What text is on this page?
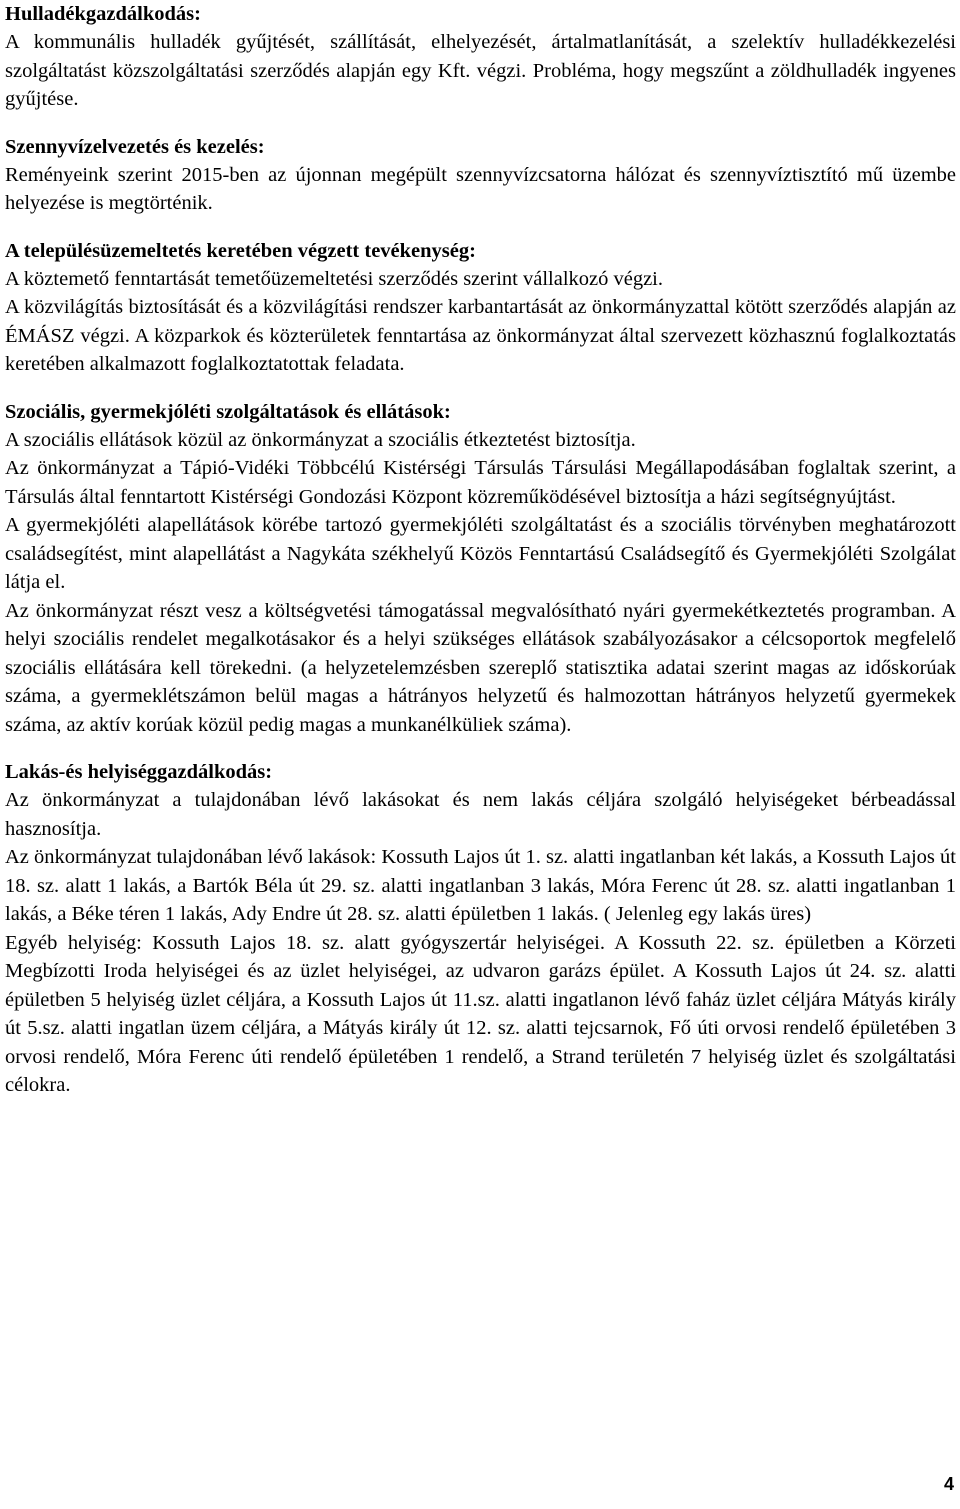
Hulladékgazdálkodás:

A kommunális hulladék gyűjtését, szállítását, elhelyezését, ártalmatlanítását, a szelektív hulladékkezelési szolgáltatást közszolgáltatási szerződés alapján egy Kft. végzi. Probléma, hogy megszűnt a zöldhulladék ingyenes gyűjtése.

Szennyvízelvezetés és kezelés:

Reményeink szerint 2015-ben az újonnan megépült szennyvízcsatorna hálózat és szennyvíztisztító mű üzembe helyezése is megtörténik.

A településüzemeltetés keretében végzett tevékenység:

A köztemető fenntartását temetőüzemeltetési szerződés szerint vállalkozó végzi.

A közvilágítás biztosítását és a közvilágítási rendszer karbantartását az önkormányzattal kötött szerződés alapján az ÉMÁSZ végzi. A közparkok és közterületek fenntartása az önkormányzat által szervezett közhasznú foglalkoztatás keretében alkalmazott foglalkoztatottak feladata.

Szociális, gyermekjóléti szolgáltatások és ellátások:

A szociális ellátások közül az önkormányzat a szociális étkeztetést biztosítja.

Az önkormányzat a Tápió-Vidéki Többcélú Kistérségi Társulás Társulási Megállapodásában foglaltak szerint, a Társulás által fenntartott Kistérségi Gondozási Központ közreműködésével biztosítja a házi segítségnyújtást.

A gyermekjóléti alapellátások körébe tartozó gyermekjóléti szolgáltatást és a szociális törvényben meghatározott családsegítést, mint alapellátást a Nagykáta székhelyű Közös Fenntartású Családsegítő és Gyermekjóléti Szolgálat látja el.

Az önkormányzat részt vesz a költségvetési támogatással megvalósítható nyári gyermekétkeztetés programban. A helyi szociális rendelet megalkotásakor és a helyi szükséges ellátások szabályozásakor a célcsoportok megfelelő szociális ellátására kell törekedni. (a helyzetelemzésben szereplő statisztika adatai szerint magas az időskorúak száma, a gyermeklétszámon belül magas a hátrányos helyzetű és halmozottan hátrányos helyzetű gyermekek száma, az aktív korúak közül pedig magas a munkanélküliek száma).

Lakás-és helyiséggazdálkodás:

Az önkormányzat a tulajdonában lévő lakásokat és nem lakás céljára szolgáló helyiségeket bérbeadással hasznosítja.

Az önkormányzat tulajdonában lévő lakások: Kossuth Lajos út 1. sz. alatti ingatlanban két lakás, a Kossuth Lajos út 18. sz. alatt 1 lakás, a Bartók Béla út 29. sz. alatti ingatlanban 3 lakás, Móra Ferenc út 28. sz. alatti ingatlanban 1 lakás, a Béke téren 1 lakás, Ady Endre út 28. sz. alatti épületben 1 lakás. ( Jelenleg egy lakás üres)

Egyéb helyiség: Kossuth Lajos 18. sz. alatt gyógyszertár helyiségei. A Kossuth 22. sz. épületben a Körzeti Megbízotti Iroda helyiségei és az üzlet helyiségei, az udvaron garázs épület. A Kossuth Lajos út 24. sz. alatti épületben 5 helyiség üzlet céljára, a Kossuth Lajos út 11.sz. alatti ingatlanon lévő faház üzlet céljára Mátyás király út 5.sz. alatti ingatlan üzem céljára, a Mátyás király út 12. sz. alatti tejcsarnok, Fő úti orvosi rendelő épületében 3 orvosi rendelő, Móra Ferenc úti rendelő épületében 1 rendelő, a Strand területén 7 helyiség üzlet és szolgáltatási célokra.

4
